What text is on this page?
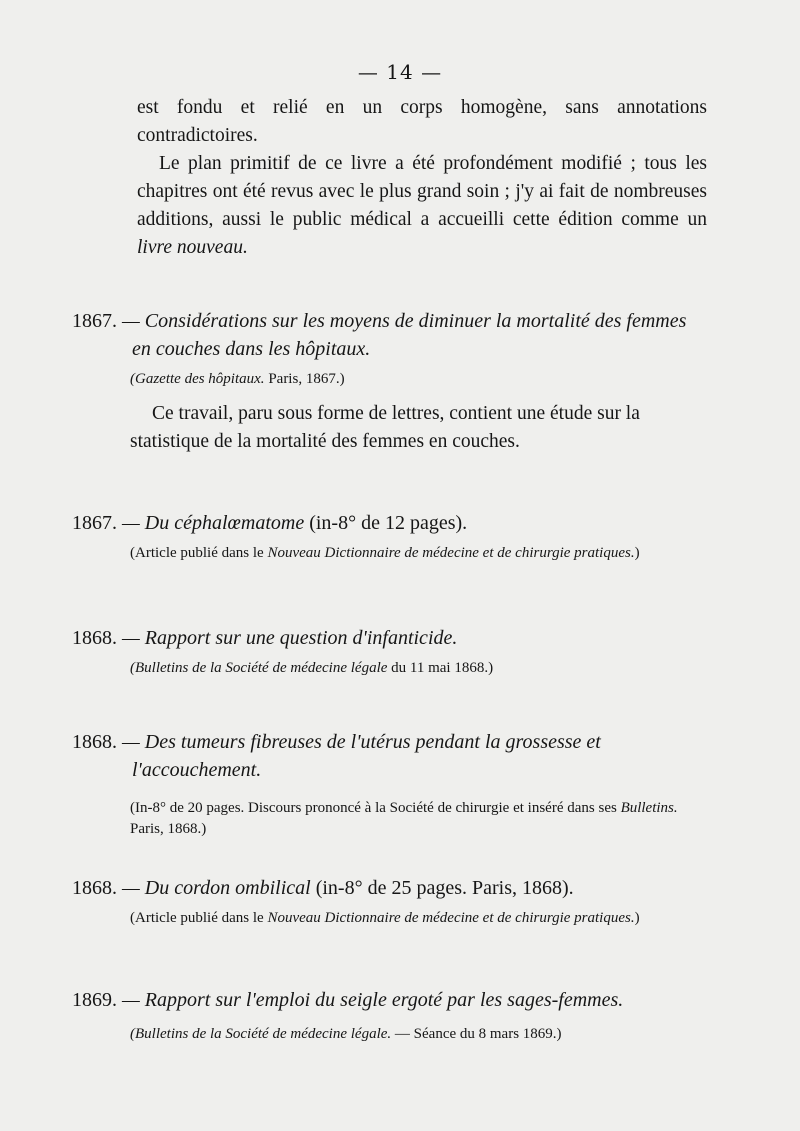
— 14 —
est fondu et relié en un corps homogène, sans annotations contradictoires.
Le plan primitif de ce livre a été profondément modifié ; tous les chapitres ont été revus avec le plus grand soin ; j'y ai fait de nombreuses additions, aussi le public médical a accueilli cette édition comme un livre nouveau.
1867. — Considérations sur les moyens de diminuer la mortalité des femmes en couches dans les hôpitaux.
(Gazette des hôpitaux. Paris, 1867.)
Ce travail, paru sous forme de lettres, contient une étude sur la statistique de la mortalité des femmes en couches.
1867. — Du céphalœmatome (in-8° de 12 pages).
(Article publié dans le Nouveau Dictionnaire de médecine et de chirurgie pratiques.)
1868. — Rapport sur une question d'infanticide.
(Bulletins de la Société de médecine légale du 11 mai 1868.)
1868. — Des tumeurs fibreuses de l'utérus pendant la grossesse et l'accouchement.
(In-8° de 20 pages. Discours prononcé à la Société de chirurgie et inséré dans ses Bulletins. Paris, 1868.)
1868. — Du cordon ombilical (in-8° de 25 pages. Paris, 1868).
(Article publié dans le Nouveau Dictionnaire de médecine et de chirurgie pratiques.)
1869. — Rapport sur l'emploi du seigle ergoté par les sages-femmes.
(Bulletins de la Société de médecine légale. — Séance du 8 mars 1869.)
